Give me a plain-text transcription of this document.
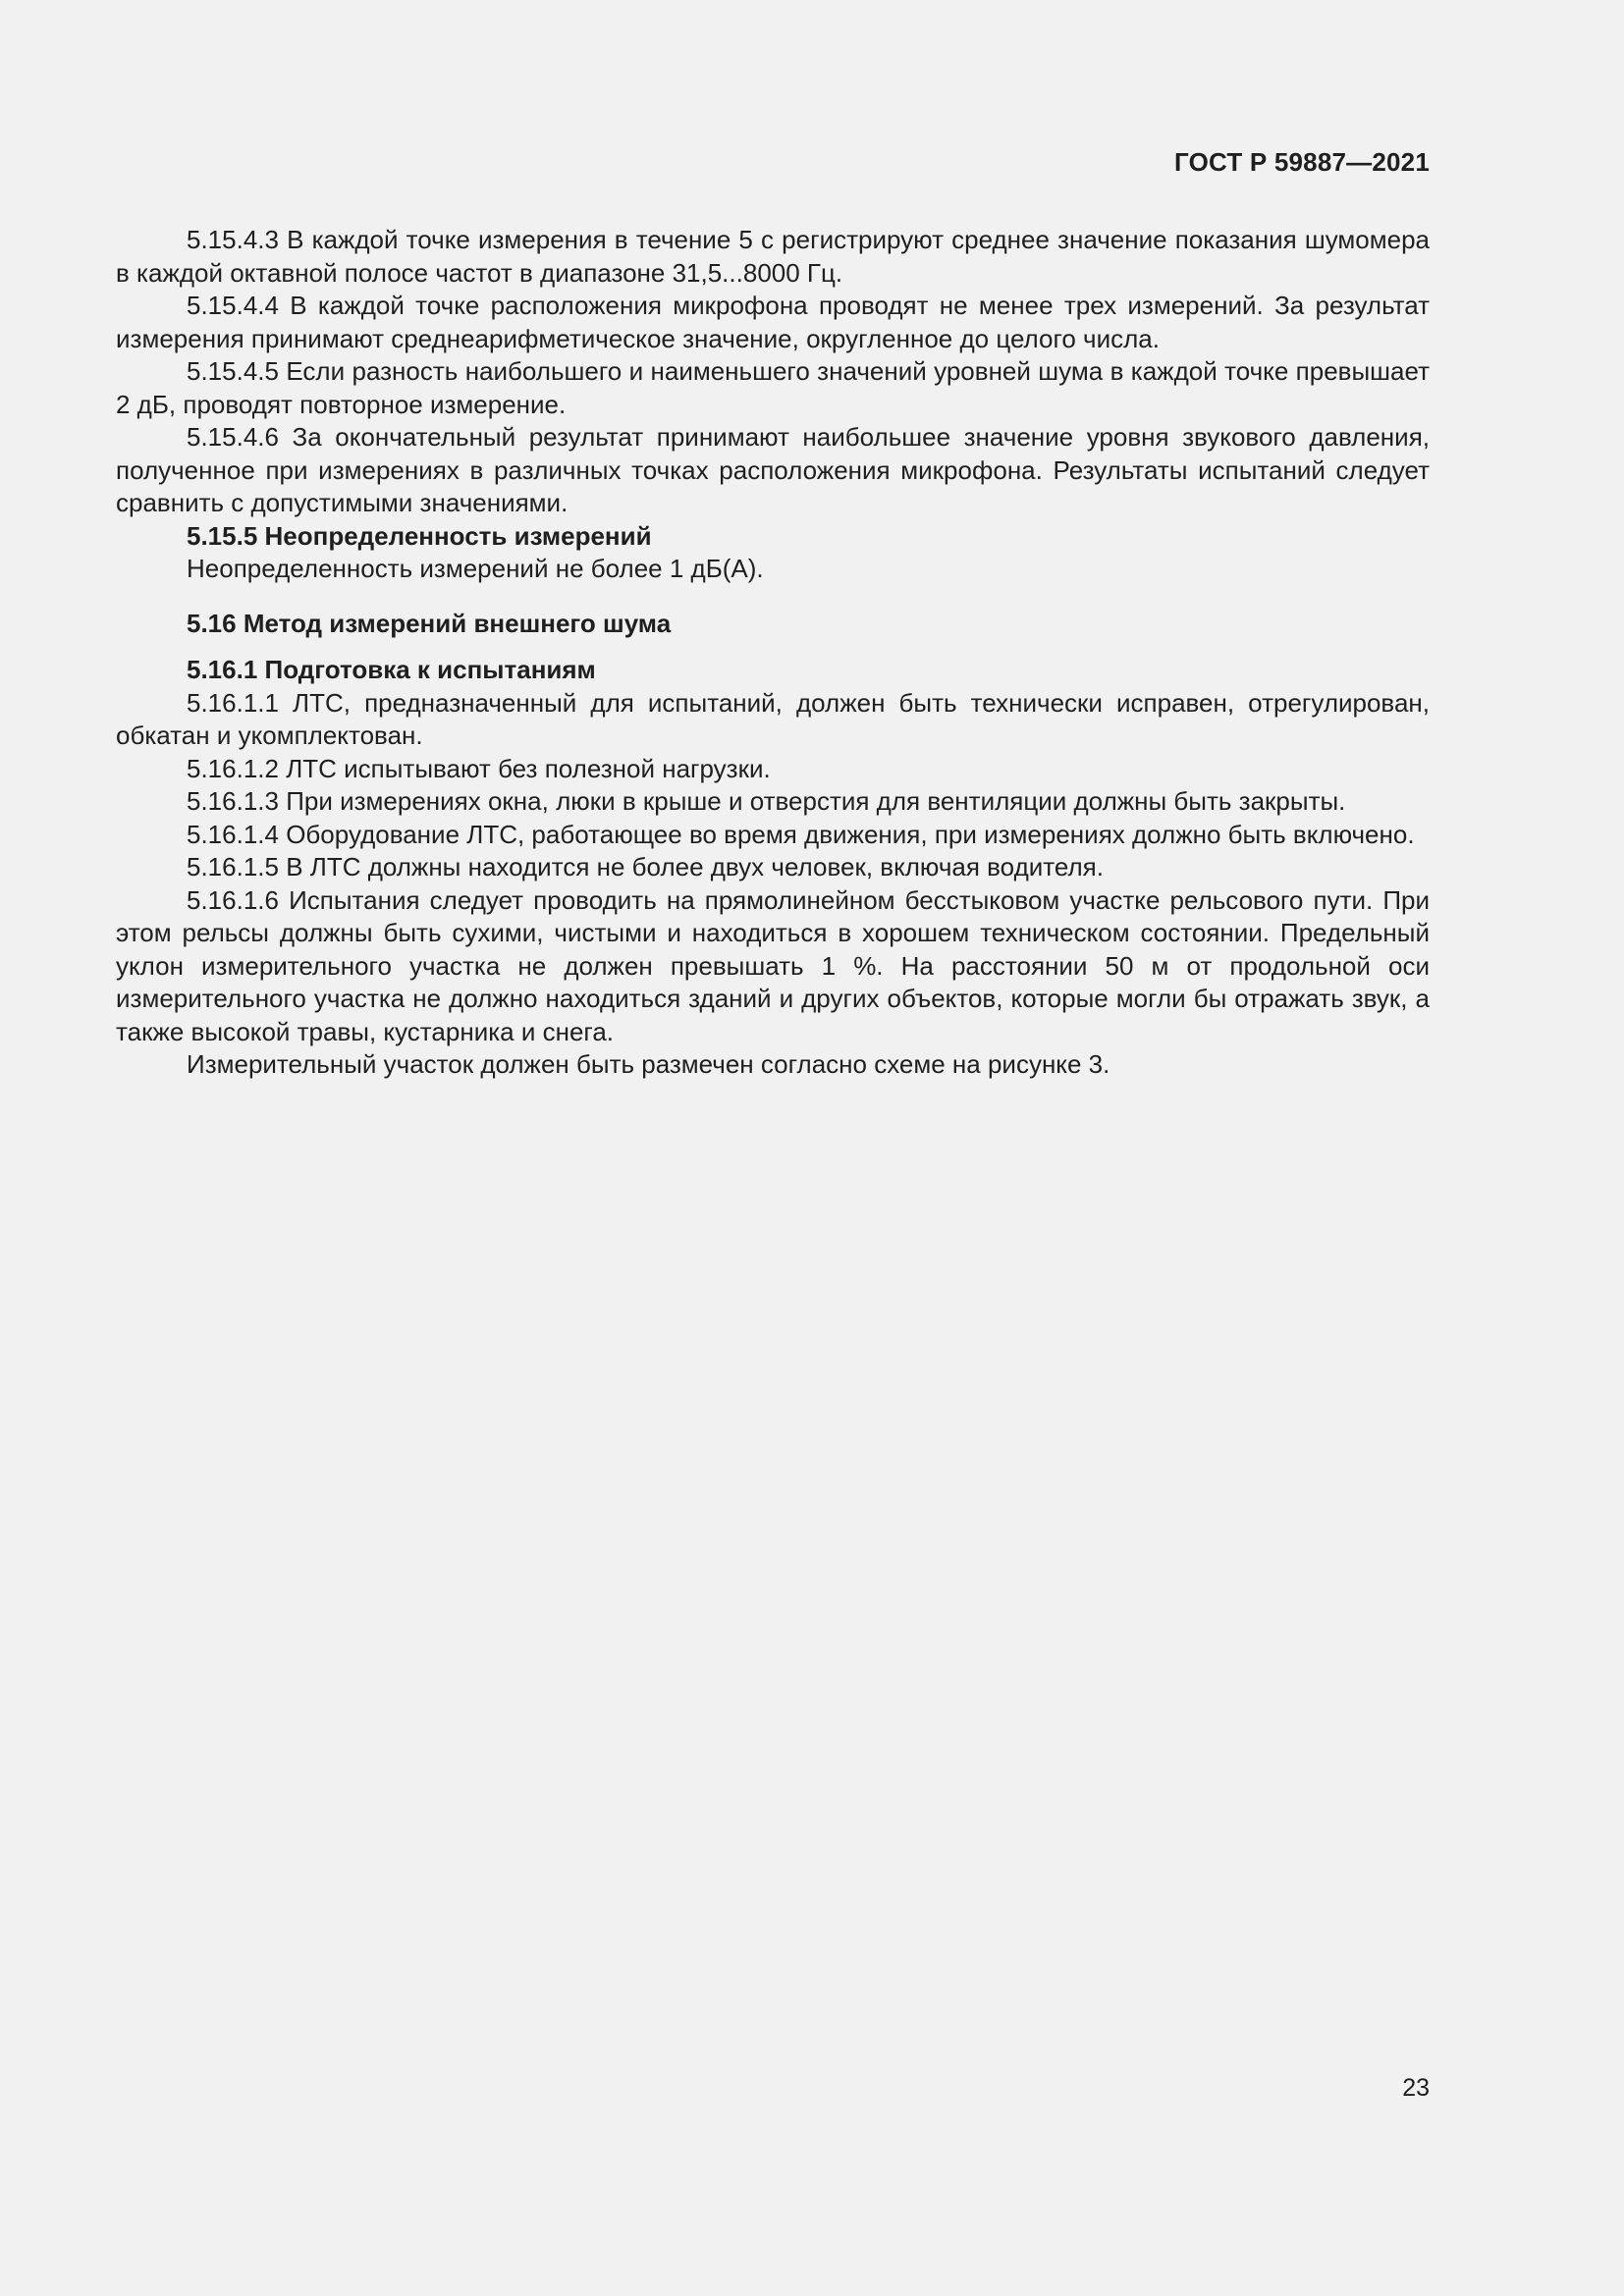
ГОСТ Р 59887—2021

5.15.4.3 В каждой точке измерения в течение 5 с регистрируют среднее значение показания шумомера в каждой октавной полосе частот в диапазоне 31,5...8000 Гц.

5.15.4.4 В каждой точке расположения микрофона проводят не менее трех измерений. За результат измерения принимают среднеарифметическое значение, округленное до целого числа.

5.15.4.5 Если разность наибольшего и наименьшего значений уровней шума в каждой точке превышает 2 дБ, проводят повторное измерение.

5.15.4.6 За окончательный результат принимают наибольшее значение уровня звукового давления, полученное при измерениях в различных точках расположения микрофона. Результаты испытаний следует сравнить с допустимыми значениями.

5.15.5 Неопределенность измерений

Неопределенность измерений не более 1 дБ(А).

5.16 Метод измерений внешнего шума

5.16.1 Подготовка к испытаниям

5.16.1.1 ЛТС, предназначенный для испытаний, должен быть технически исправен, отрегулирован, обкатан и укомплектован.

5.16.1.2 ЛТС испытывают без полезной нагрузки.

5.16.1.3 При измерениях окна, люки в крыше и отверстия для вентиляции должны быть закрыты.

5.16.1.4 Оборудование ЛТС, работающее во время движения, при измерениях должно быть включено.

5.16.1.5 В ЛТС должны находится не более двух человек, включая водителя.

5.16.1.6 Испытания следует проводить на прямолинейном бесстыковом участке рельсового пути. При этом рельсы должны быть сухими, чистыми и находиться в хорошем техническом состоянии. Предельный уклон измерительного участка не должен превышать 1 %. На расстоянии 50 м от продольной оси измерительного участка не должно находиться зданий и других объектов, которые могли бы отражать звук, а также высокой травы, кустарника и снега.

Измерительный участок должен быть размечен согласно схеме на рисунке 3.

23
